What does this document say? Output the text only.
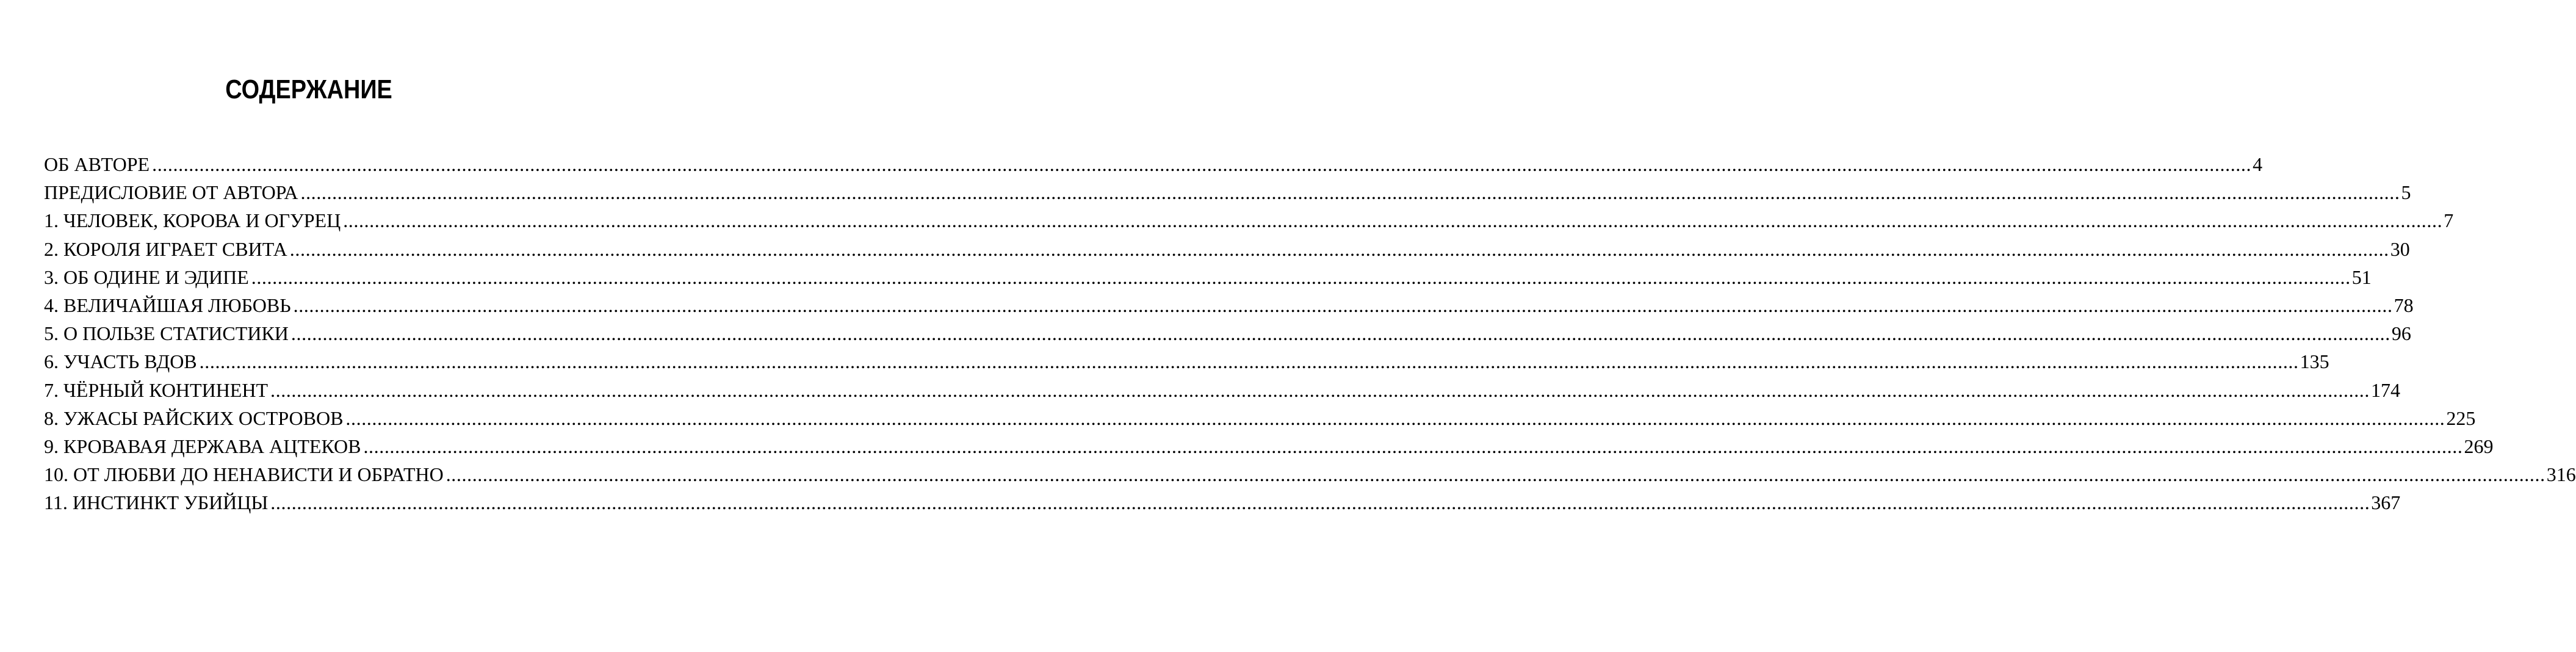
СОДЕРЖАНИЕ
ОБ АВТОРЕ ................................................................................................................................................................................................................................................................................................................................................................................................................ 4
ПРЕДИСЛОВИЕ ОТ АВТОРА ................................................................................................................................................................................................................................................................................................................................................................................................................ 5
1. ЧЕЛОВЕК, КОРОВА И ОГУРЕЦ ................................................................................................................................................................................................................................................................................................................................................................................................................ 7
2. КОРОЛЯ ИГРАЕТ СВИТА ................................................................................................................................................................................................................................................................................................................................................................................................................ 30
3. ОБ ОДИНЕ И ЭДИПЕ ................................................................................................................................................................................................................................................................................................................................................................................................................ 51
4. ВЕЛИЧАЙШАЯ ЛЮБОВЬ ................................................................................................................................................................................................................................................................................................................................................................................................................ 78
5. О ПОЛЬЗЕ СТАТИСТИКИ ................................................................................................................................................................................................................................................................................................................................................................................................................ 96
6. УЧАСТЬ ВДОВ ................................................................................................................................................................................................................................................................................................................................................................................................................ 135
7. ЧЁРНЫЙ КОНТИНЕНТ ................................................................................................................................................................................................................................................................................................................................................................................................................ 174
8. УЖАСЫ РАЙСКИХ ОСТРОВОВ ................................................................................................................................................................................................................................................................................................................................................................................................................ 225
9. КРОВАВАЯ ДЕРЖАВА АЦТЕКОВ ................................................................................................................................................................................................................................................................................................................................................................................................................ 269
10. ОТ ЛЮБВИ ДО НЕНАВИСТИ И ОБРАТНО ................................................................................................................................................................................................................................................................................................................................................................................................................ 316
11. ИНСТИНКТ УБИЙЦЫ ................................................................................................................................................................................................................................................................................................................................................................................................................ 367
